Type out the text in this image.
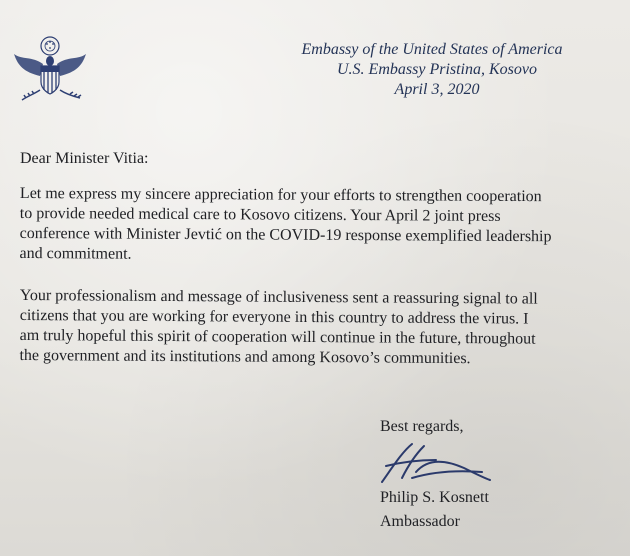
Embassy of the United States of America
U.S. Embassy Pristina, Kosovo
April 3, 2020
Dear Minister Vitia:
Let me express my sincere appreciation for your efforts to strengthen cooperation
to provide needed medical care to Kosovo citizens. Your April 2 joint press
conference with Minister Jevtić on the COVID-19 response exemplified leadership
and commitment.
Your professionalism and message of inclusiveness sent a reassuring signal to all
citizens that you are working for everyone in this country to address the virus. I
am truly hopeful this spirit of cooperation will continue in the future, throughout
the government and its institutions and among Kosovo’s communities.
Best regards,
Philip S. Kosnett
Ambassador
